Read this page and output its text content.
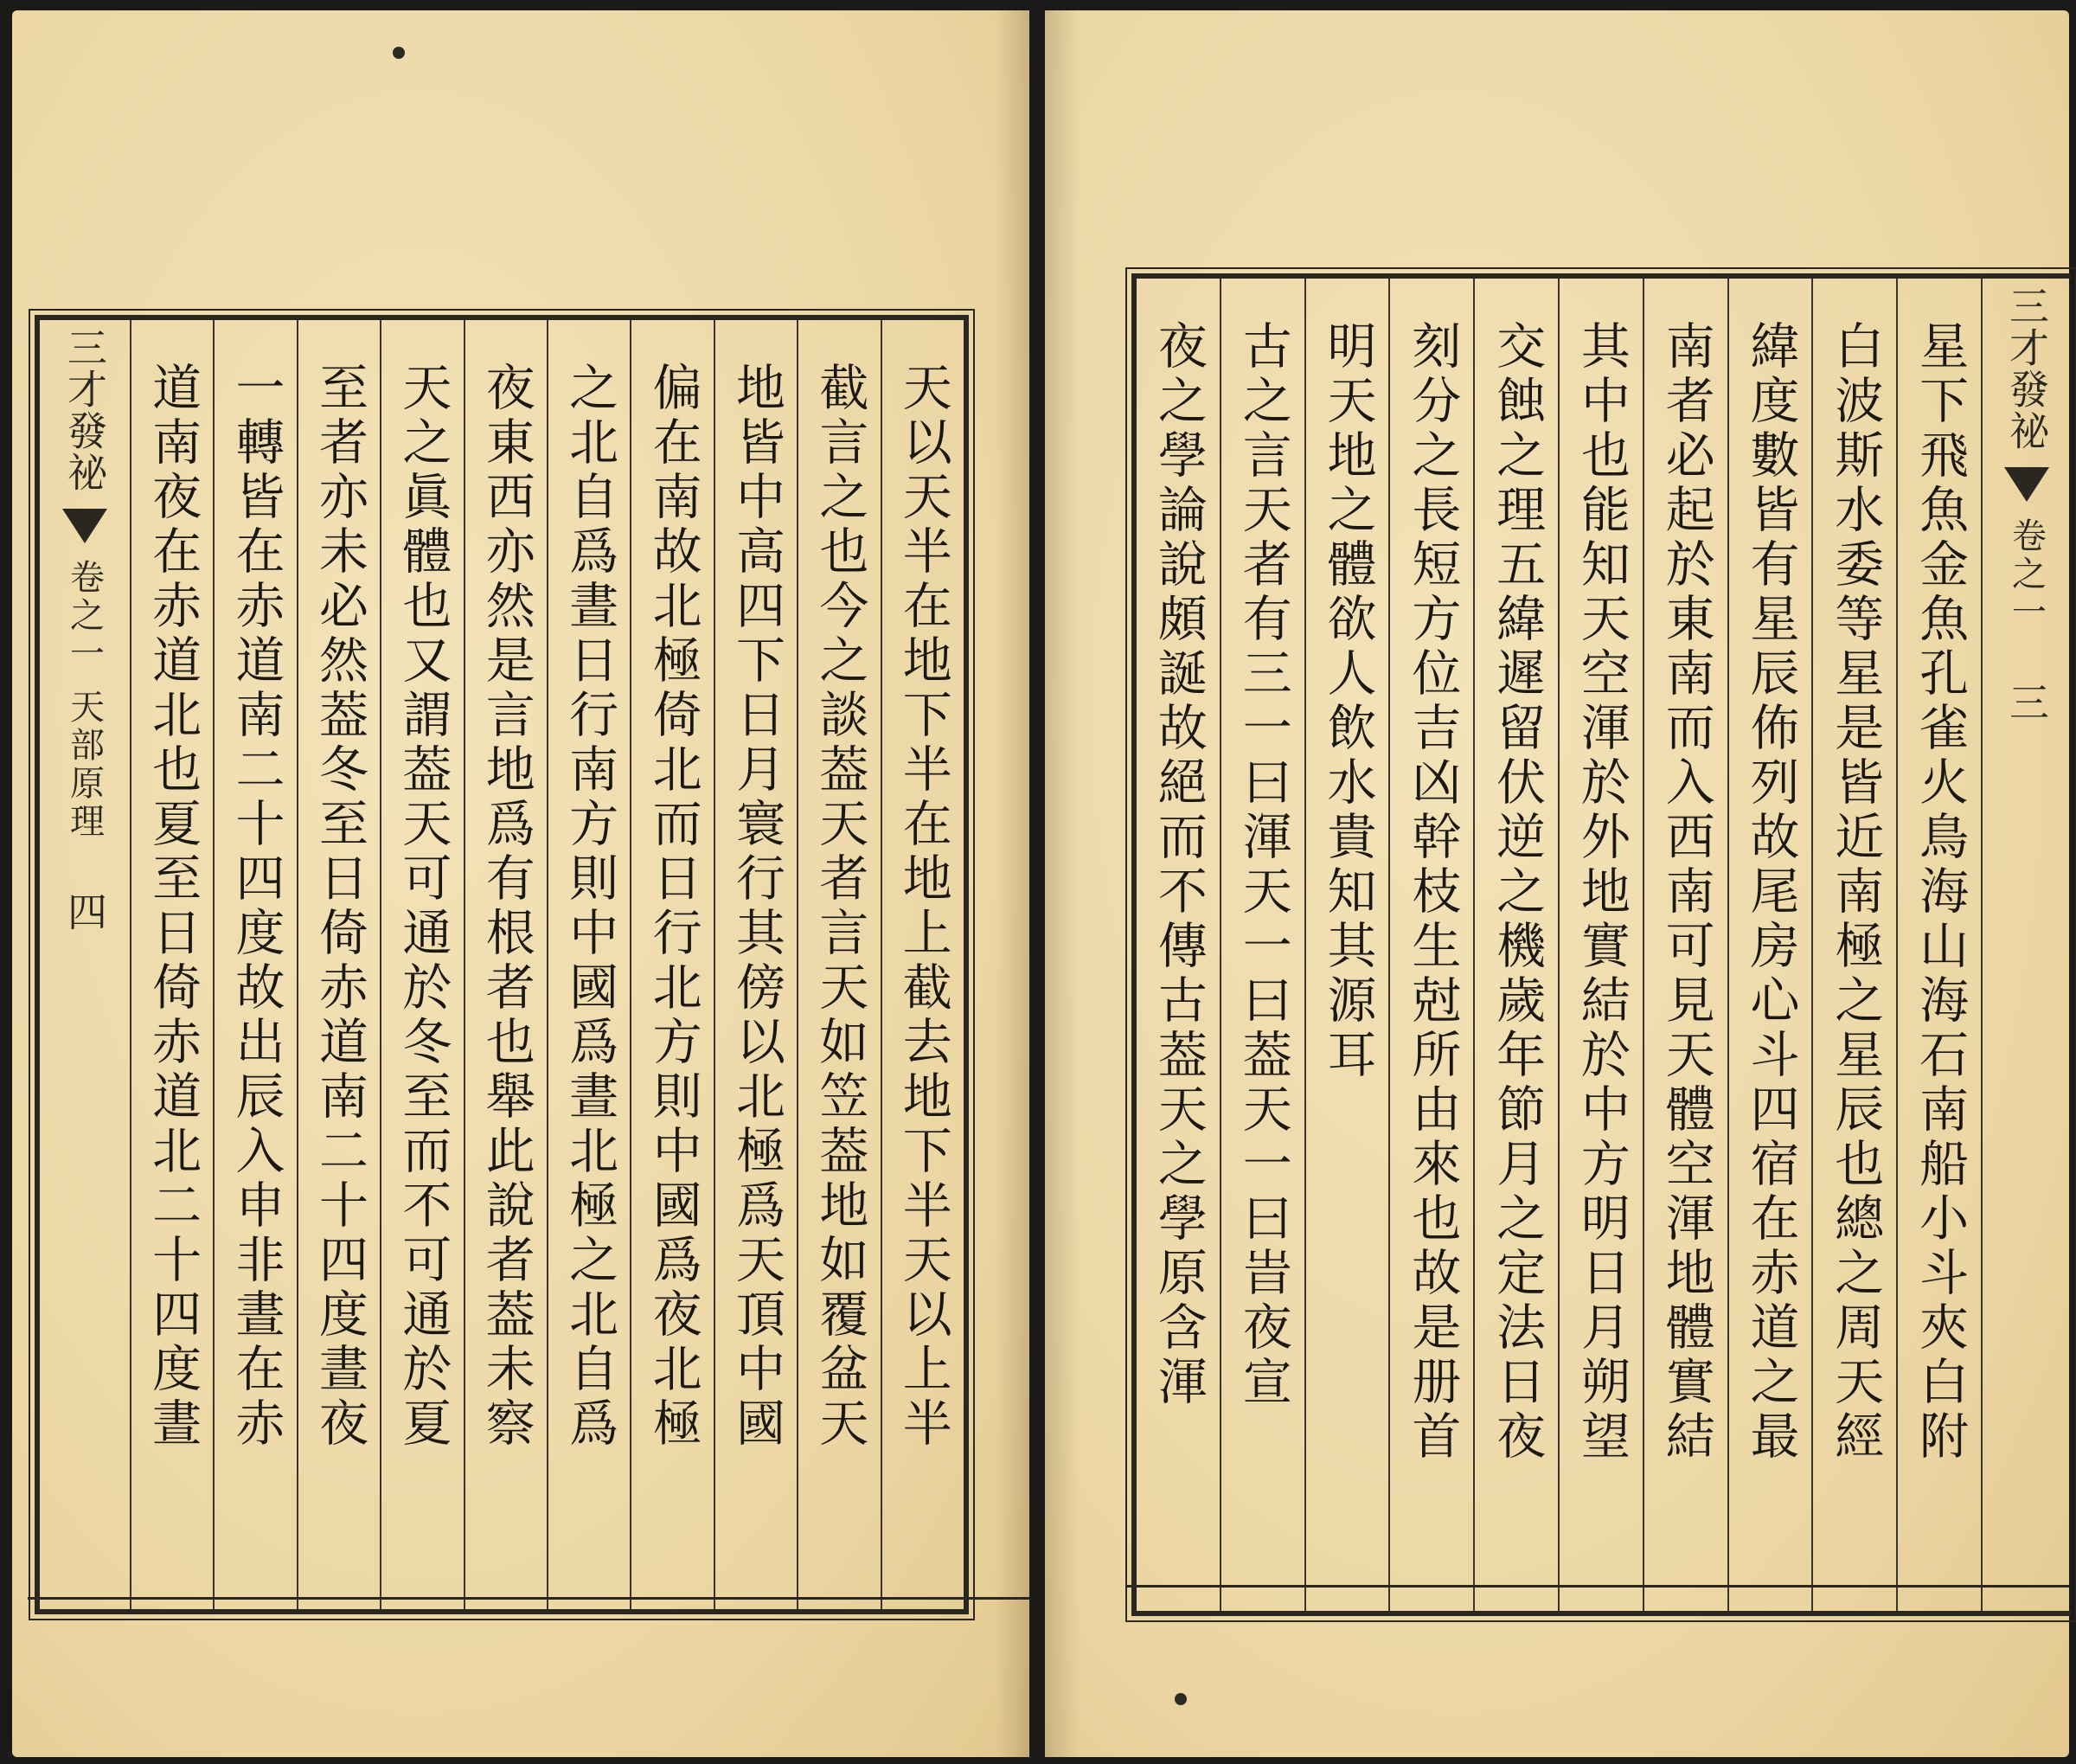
天以天半在地下半在地上截去地下半天以上半
截言之也今之談葢天者言天如笠葢地如覆盆天
地皆中高四下日月寰行其傍以北極爲天頂中國
偏在南故北極倚北而日行北方則中國爲夜北極
之北自爲晝日行南方則中國爲晝北極之北自爲
夜東西亦然是言地爲有根者也舉此說者葢未察
天之眞體也又謂葢天可通於冬至而不可通於夏
至者亦未必然葢冬至日倚赤道南二十四度晝夜
一轉皆在赤道南二十四度故出辰入申非晝在赤
道南夜在赤道北也夏至日倚赤道北二十四度晝
三才發祕
卷之一
天部原理
四
三才發祕
卷之一
三
星下飛魚金魚孔雀火鳥海山海石南船小斗夾白附
白波斯水委等星是皆近南極之星辰也總之周天經
緯度數皆有星辰佈列故尾房心斗四宿在赤道之最
南者必起於東南而入西南可見天體空渾地體實結
其中也能知天空渾於外地實結於中方明日月朔望
交蝕之理五緯遲留伏逆之機歲年節月之定法日夜
刻分之長短方位吉凶幹枝生尅所由來也故是册首
明天地之體欲人飲水貴知其源耳
古之言天者有三一曰渾天一曰葢天一曰旹夜宣
夜之學論說頗誕故絕而不傳古葢天之學原含渾
